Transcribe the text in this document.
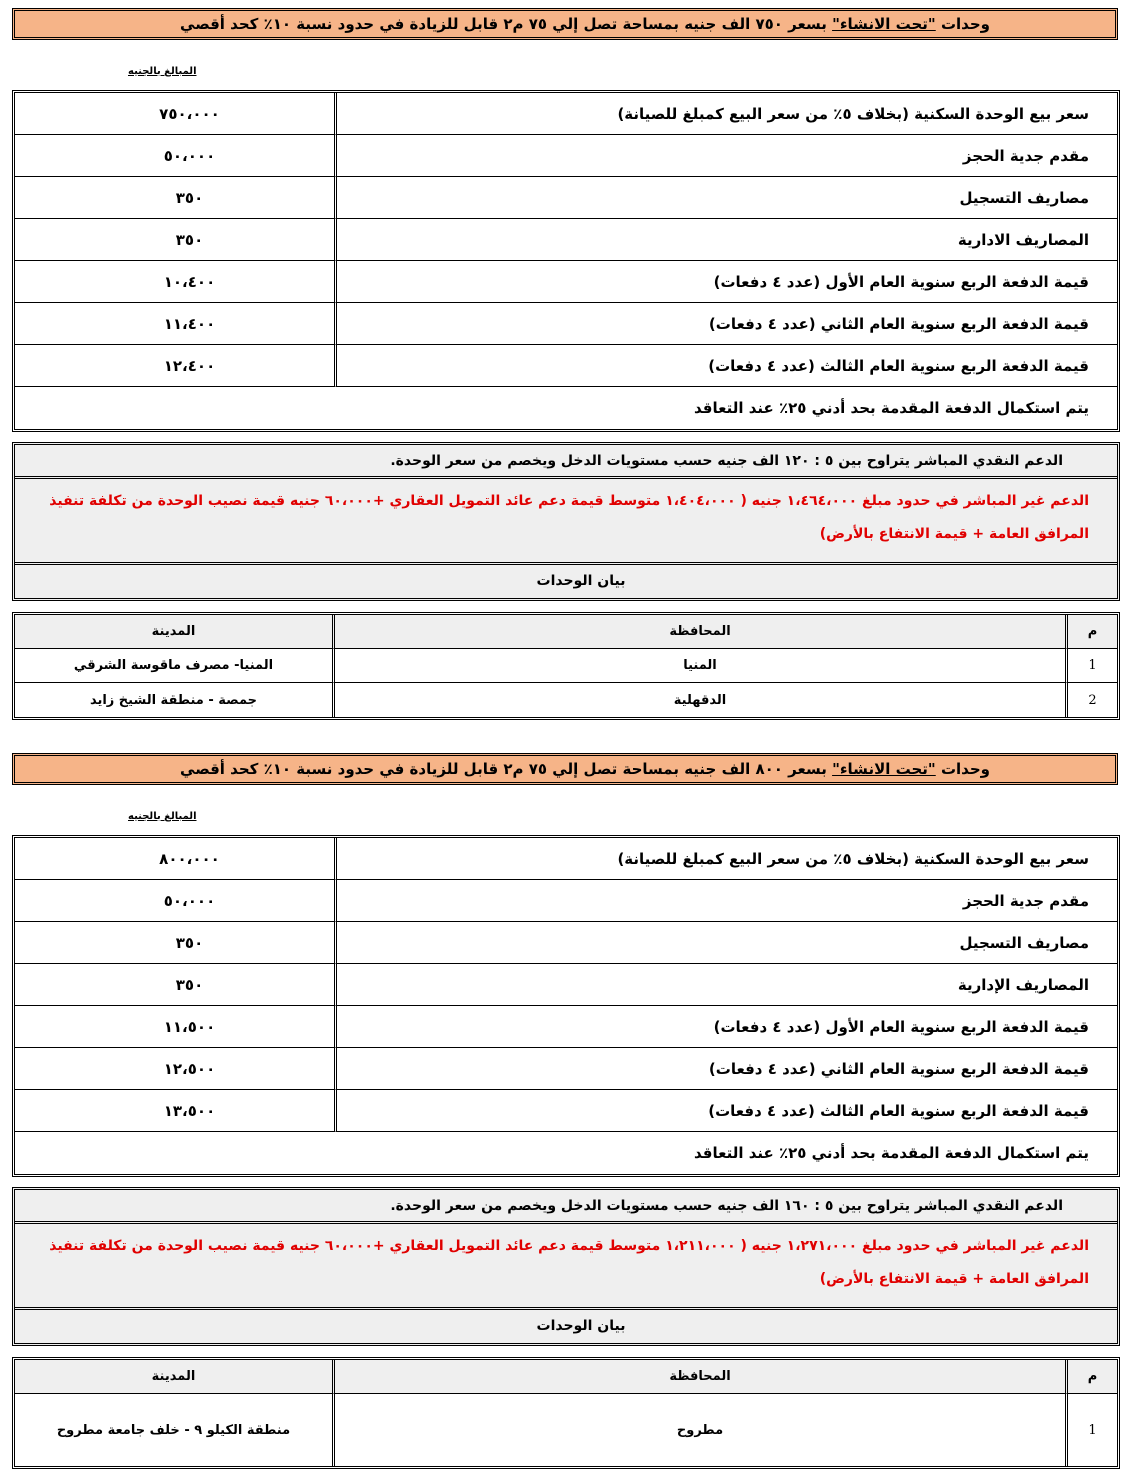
وحدات "تحت الانشاء" بسعر ٧٥٠ الف جنيه بمساحة تصل إلي ٧٥ م٢ قابل للزيادة في حدود نسبة ١٠٪ كحد أقصي
المبالغ بالجنيه
سعر بيع الوحدة السكنية (بخلاف ٥٪ من سعر البيع كمبلغ للصيانة)	٧٥٠،٠٠٠
مقدم جدية الحجز	٥٠،٠٠٠
مصاريف التسجيل	٣٥٠
المصاريف الادارية	٣٥٠
قيمة الدفعة الربع سنوية العام الأول (عدد ٤ دفعات)	١٠،٤٠٠
قيمة الدفعة الربع سنوية العام الثاني (عدد ٤ دفعات)	١١،٤٠٠
قيمة الدفعة الربع سنوية العام الثالث (عدد ٤ دفعات)	١٢،٤٠٠
يتم استكمال الدفعة المقدمة بحد أدني ٢٥٪ عند التعاقد	
الدعم النقدي المباشر يتراوح بين ٥ : ١٢٠ الف جنيه حسب مستويات الدخل ويخصم من سعر الوحدة.
الدعم غير المباشر في حدود مبلغ ١،٤٦٤،٠٠٠ جنيه ( ١،٤٠٤،٠٠٠ متوسط قيمة دعم عائد التمويل العقاري +٦٠،٠٠٠ جنيه قيمة نصيب الوحدة من تكلفة تنفيذ المرافق العامة + قيمة الانتفاع بالأرض)
بيان الوحدات
م	المحافظة	المدينة
1	المنيا	المنيا- مصرف ماقوسة الشرقي
2	الدقهلية	جمصة - منطقة الشيخ زايد
وحدات "تحت الانشاء" بسعر ٨٠٠ الف جنيه بمساحة تصل إلي ٧٥ م٢ قابل للزيادة في حدود نسبة ١٠٪ كحد أقصي
المبالغ بالجنيه
سعر بيع الوحدة السكنية (بخلاف ٥٪ من سعر البيع كمبلغ للصيانة)	٨٠٠،٠٠٠
مقدم جدية الحجز	٥٠،٠٠٠
مصاريف التسجيل	٣٥٠
المصاريف الإدارية	٣٥٠
قيمة الدفعة الربع سنوية العام الأول (عدد ٤ دفعات)	١١،٥٠٠
قيمة الدفعة الربع سنوية العام الثاني (عدد ٤ دفعات)	١٢،٥٠٠
قيمة الدفعة الربع سنوية العام الثالث (عدد ٤ دفعات)	١٣،٥٠٠
يتم استكمال الدفعة المقدمة بحد أدني ٢٥٪ عند التعاقد	
الدعم النقدي المباشر يتراوح بين ٥ : ١٦٠ الف جنيه حسب مستويات الدخل ويخصم من سعر الوحدة.
الدعم غير المباشر في حدود مبلغ ١،٢٧١،٠٠٠ جنيه ( ١،٢١١،٠٠٠ متوسط قيمة دعم عائد التمويل العقاري +٦٠،٠٠٠ جنيه قيمة نصيب الوحدة من تكلفة تنفيذ المرافق العامة + قيمة الانتفاع بالأرض)
بيان الوحدات
م	المحافظة	المدينة
1	مطروح	منطقة الكيلو ٩ - خلف جامعة مطروح
